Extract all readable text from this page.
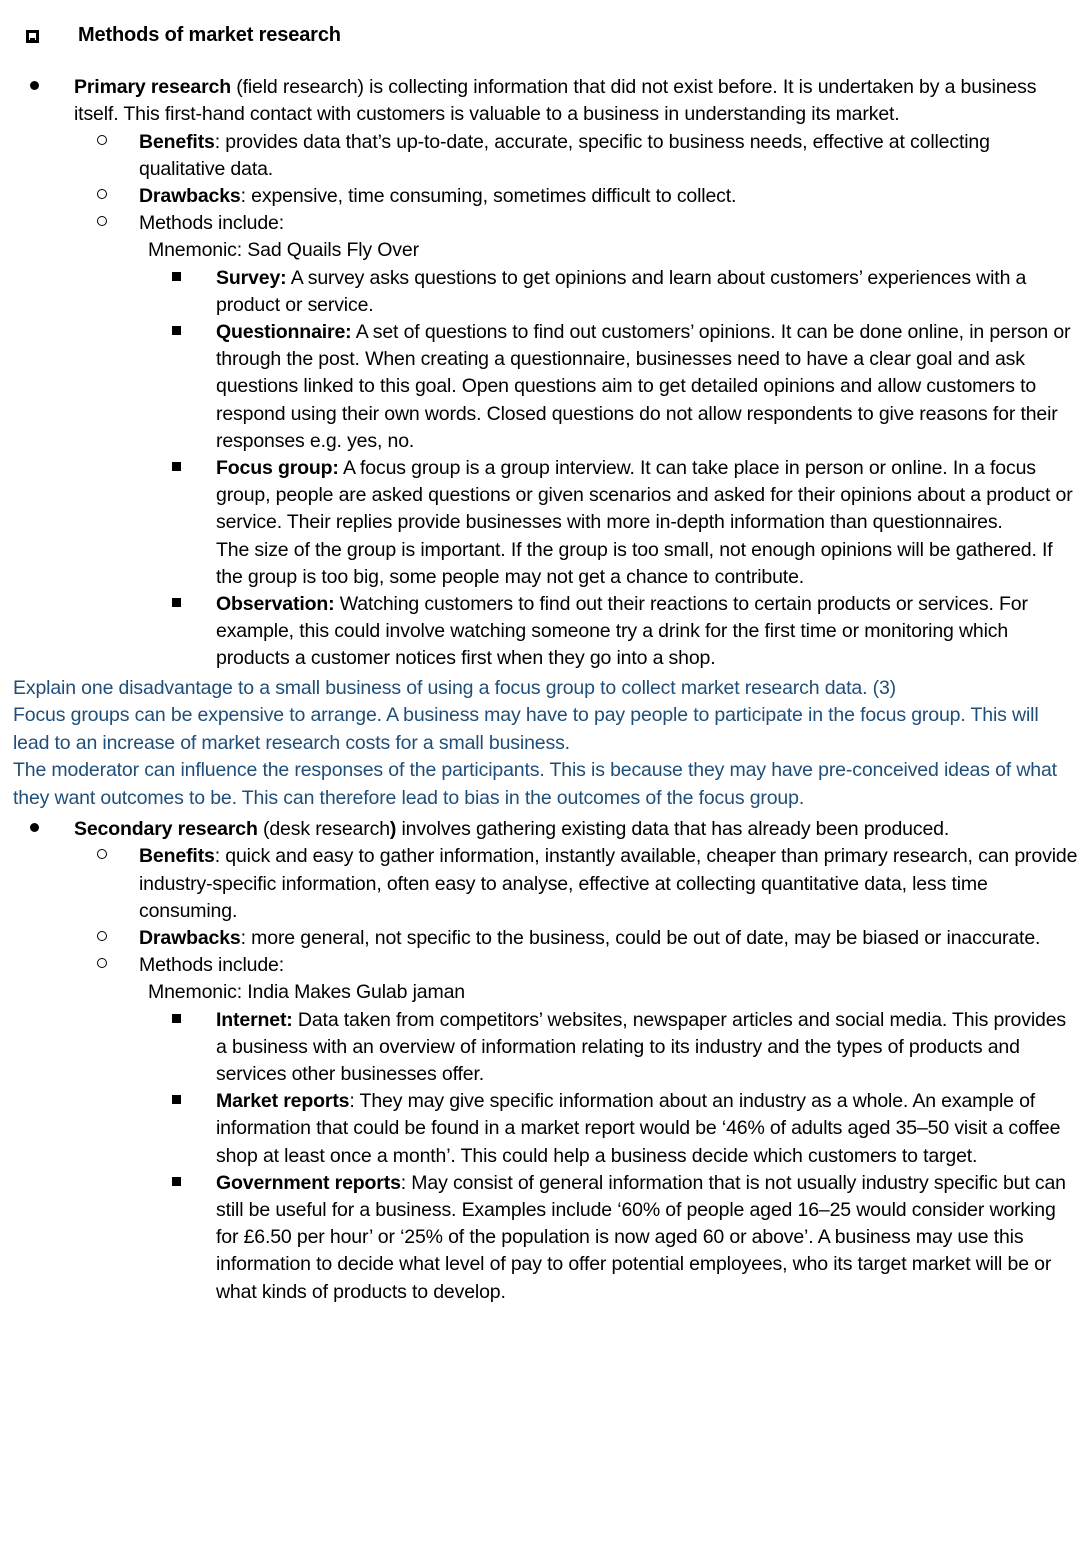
Methods of market research
Primary research (field research) is collecting information that did not exist before. It is undertaken by a business itself. This first-hand contact with customers is valuable to a business in understanding its market.
Benefits: provides data that’s up-to-date, accurate, specific to business needs, effective at collecting qualitative data.
Drawbacks: expensive, time consuming, sometimes difficult to collect.
Methods include:
Mnemonic: Sad Quails Fly Over
Survey: A survey asks questions to get opinions and learn about customers’ experiences with a product or service.
Questionnaire: A set of questions to find out customers’ opinions. It can be done online, in person or through the post. When creating a questionnaire, businesses need to have a clear goal and ask questions linked to this goal. Open questions aim to get detailed opinions and allow customers to respond using their own words. Closed questions do not allow respondents to give reasons for their responses e.g. yes, no.
Focus group: A focus group is a group interview. It can take place in person or online. In a focus group, people are asked questions or given scenarios and asked for their opinions about a product or service. Their replies provide businesses with more in-depth information than questionnaires.
The size of the group is important. If the group is too small, not enough opinions will be gathered. If the group is too big, some people may not get a chance to contribute.
Observation: Watching customers to find out their reactions to certain products or services. For example, this could involve watching someone try a drink for the first time or monitoring which products a customer notices first when they go into a shop.

Explain one disadvantage to a small business of using a focus group to collect market research data. (3)

Focus groups can be expensive to arrange. A business may have to pay people to participate in the focus group. This will lead to an increase of market research costs for a small business.

The moderator can influence the responses of the participants. This is because they may have pre-conceived ideas of what they want outcomes to be. This can therefore lead to bias in the outcomes of the focus group.

Secondary research (desk research) involves gathering existing data that has already been produced.
Benefits: quick and easy to gather information, instantly available, cheaper than primary research, can provide industry-specific information, often easy to analyse, effective at collecting quantitative data, less time consuming.
Drawbacks: more general, not specific to the business, could be out of date, may be biased or inaccurate.
Methods include:
Mnemonic: India Makes Gulab jaman
Internet: Data taken from competitors’ websites, newspaper articles and social media. This provides a business with an overview of information relating to its industry and the types of products and services other businesses offer.
Market reports: They may give specific information about an industry as a whole. An example of information that could be found in a market report would be ‘46% of adults aged 35–50 visit a coffee shop at least once a month’. This could help a business decide which customers to target.
Government reports: May consist of general information that is not usually industry specific but can still be useful for a business. Examples include ‘60% of people aged 16–25 would consider working for £6.50 per hour’ or ‘25% of the population is now aged 60 or above’. A business may use this information to decide what level of pay to offer potential employees, who its target market will be or what kinds of products to develop.
